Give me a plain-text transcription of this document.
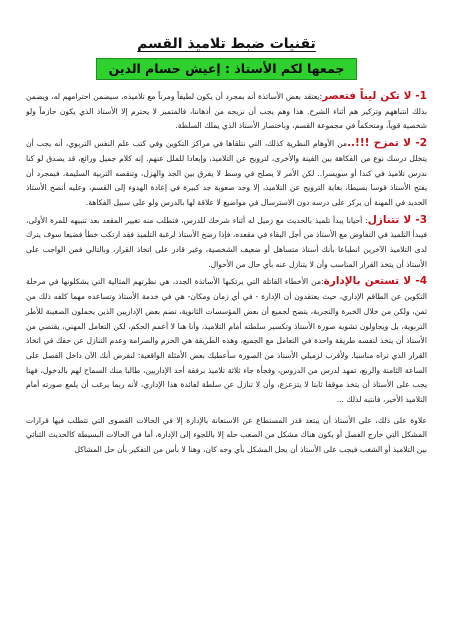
تقنيات ضبط تلاميذ القسم
جمعها لكم الأستاذ : إعيش حسام الدين

1- لا تكن ليناً فتعصر:يعتقد بعض الأساتذة أنه بمجرد أن يكون لطيفاً ومرناً مع تلاميذه، سيضمن احترامهم له، ويضمن بذلك انتباههم وتركيز هم أثناء الشرح. هذا وهم يجب أن نزيحه من أذهاننا، فالمتميز لا يحترم إلا الأستاذ الذي يكون حازماً ولو شخصية قوياً، ومتحكماً في مجموعة القسم، وباختصار الأستاذ الذي يملك السلطة.

2- لا تمزح !!!..من الأوهام النظرية كذلك، التي نتلقاها في مراكز التكوين وفي كتب علم النفس التربوي، أنه يجب أن يتخلل درسك نوع من الفكاهة بين الفينة والأخرى، لترويح عن التلاميذ، وإبعادا للملل عنهم. إنه كلام جميل ورائع، قد يصدق لو كنا ندرس تلاميذ في كندا أو سويسرا.. لكن الأمر لا يصلح في وسط لا يفرق بين الجد والهزل، وتنقصه التربية السليمة، فبمجرد أن يفتح الأستاذ قوسا بسيطا، بغاية الترويح عن التلاميذ، إلا وجد صعوبة جد كبيرة في إعادة الهدوء إلى القسم، وعليه أنصح الأستاذ الجديد في المهنة أن يركز على درسه دون الاسترسال في مواضيع لا علاقة لها بالدرس ولو على سبيل الفكاهة.

3- لا تتنازل: أحيانا يبدأ تلميذ بالحديث مع زميل له أثناء شرحك للدرس، فتطلب منه تغيير المقعد بعد تنبيهه للمرة الأولى، فيبدأ التلميذ في التفاوض مع الأستاذ من أجل البقاء في مقعده، فإذا رضخ الأستاذ لرغبة التلميذ فقد ارتكب خطأ فضيعا سوف يترك لدى التلاميذ الآخرين انطباعا بأنك أستاذ متساهل أو ضعيف الشخصية، وغير قادر على اتخاذ القرار، وبالتالي فمن الواجب على الأستاذ أن يتخذ القرار المناسب وأن لا يتنازل عنه بأي حال من الأحوال.

4- لا تستعن بالإدارة:من الأخطاء القاتلة التي يرتكبها الأساتذة الجدد، هي نظرتهم المثالية التي يشكلونها في مرحلة التكوين عن الطاقم الإداري، حيث يعتقدون أن الإدارة - في أي زمان ومكان- هي في خدمة الأستاذ وتساعده مهما كلفه ذلك من ثمن، ولكن من خلال الخبرة والتجربة، يتضح لجميع أن بعض المؤسسات الثانوية، تضم بعض الإداريين الذين يحملون الضغينة للأطر التربوية، بل ويحاولون تشويه صورة الأستاذ وتكسير سلطته أمام التلاميذ، وأنا هنا لا أعمم الحكم، لكن التعامل المهني، يقتضي من الأستاذ أن يتخذ لنفسه طريقة واحدة في التعامل مع الجميع، وهذه الطريقة هي الحزم والصرامة وعدم التنازل عن حقك في اتخاذ القرار الذي تراه مناسبا. ولأقرب لزميلي الأستاذ من الصورة سأعطيك بعض الأمثلة الواقعية: لنفرض أنك الآن داخل الفصل على الساعة الثامنة والربع، تمهد لدرس من الدروس، وفجأة جاء ثلاثة تلاميذ برفقة أحد الإداريين، طالبا منك السماح لهم بالدخول، فهنا يجب على الأستاذ أن يتخذ موقفا ثابتا لا يتزعزع، وأن لا تنازل عن سلطة لفائدة هذا الإداري، لأنه ربما يرغب أن يلمع صورته أمام التلاميذ الأخير، فانتبه لذلك ...

علاوة على ذلك، على الأستاذ أن يبتعد قدر المستطاع عن الاستعانة بالإدارة إلا في الحالات القصوى التي تتطلب فيها قرارات المشكل التي خارج الفصل أو يكون هناك مشكل من الصعب حله إلا باللجوء إلى الإدارة، أما في الحالات البسيطة كالحديث الثنائي بين التلاميذ أو الشغب فيجب على الأستاذ أن يحل المشكل بأي وجه كان، وهنا لا بأس من التفكير بأن حل المشاكل
